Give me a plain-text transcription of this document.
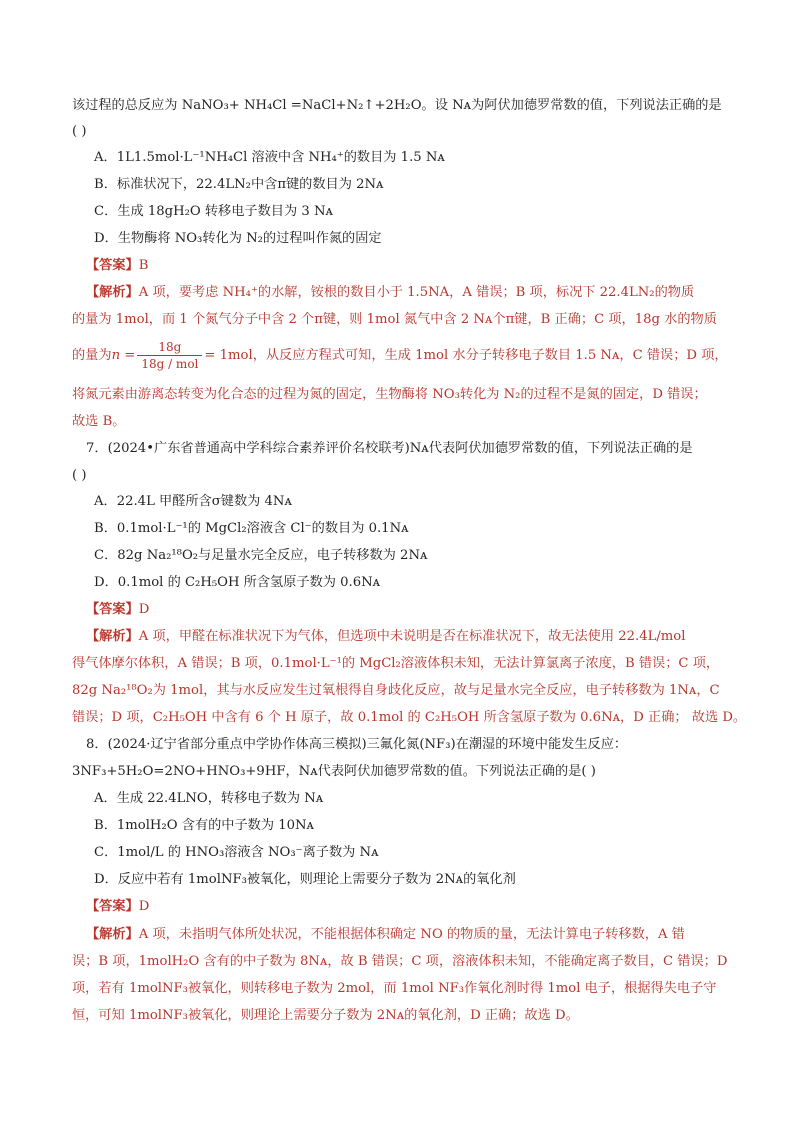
该过程的总反应为 NaNO₃+ NH₄Cl =NaCl+N₂↑+2H₂O。设 Nᴀ为阿伏加德罗常数的值，下列说法正确的是
( )
A．1L1.5mol·L⁻¹NH₄Cl 溶液中含 NH₄⁺的数目为 1.5 Nᴀ
B．标准状况下，22.4LN₂中含π键的数目为 2Nᴀ
C．生成 18gH₂O 转移电子数目为 3 Nᴀ
D．生物酶将 NO₃转化为 N₂的过程叫作氮的固定
【答案】B
【解析】A 项，要考虑 NH₄⁺的水解，铵根的数目小于 1.5NA，A 错误；B 项，标况下 22.4LN₂的物质
的量为 1mol，而 1 个氮气分子中含 2 个π键，则 1mol 氮气中含 2 Nᴀ个π键，B 正确；C 项，18g 水的物质
的量为$n = \frac{18g}{\text{18g / mol}} = 1mol$，从反应方程式可知，生成 1mol 水分子转移电子数目 1.5 Nᴀ，C 错误；D 项，
将氮元素由游离态转变为化合态的过程为氮的固定，生物酶将 NO₃转化为 N₂的过程不是氮的固定，D 错误；
故选 B。
7．(2024•广东省普通高中学科综合素养评价名校联考)Nᴀ代表阿伏加德罗常数的值，下列说法正确的是
( )
A．22.4L 甲醛所含σ键数为 4Nᴀ
B．0.1mol·L⁻¹的 MgCl₂溶液含 Cl⁻的数目为 0.1Nᴀ
C．82g Na₂¹⁸O₂与足量水完全反应，电子转移数为 2Nᴀ
D．0.1mol 的 C₂H₅OH 所含氢原子数为 0.6Nᴀ
【答案】D
【解析】A 项，甲醛在标准状况下为气体，但选项中未说明是否在标准状况下，故无法使用 22.4L/mol
得气体摩尔体积，A 错误；B 项，0.1mol·L⁻¹的 MgCl₂溶液体积未知，无法计算氯离子浓度，B 错误；C 项，
82g Na₂¹⁸O₂为 1mol，其与水反应发生过氧根得自身歧化反应，故与足量水完全反应，电子转移数为 1Nᴀ，C
错误；D 项，C₂H₅OH 中含有 6 个 H 原子，故 0.1mol 的 C₂H₅OH 所含氢原子数为 0.6Nᴀ，D 正确； 故选 D。
8．(2024·辽宁省部分重点中学协作体高三模拟)三氟化氮(NF₃)在潮湿的环境中能发生反应：
3NF₃+5H₂O=2NO+HNO₃+9HF，Nᴀ代表阿伏加德罗常数的值。下列说法正确的是( )
A．生成 22.4LNO，转移电子数为 Nᴀ
B．1molH₂O 含有的中子数为 10Nᴀ
C．1mol/L 的 HNO₃溶液含 NO₃⁻离子数为 Nᴀ
D．反应中若有 1molNF₃被氧化，则理论上需要分子数为 2Nᴀ的氧化剂
【答案】D
【解析】A 项，未指明气体所处状况，不能根据体积确定 NO 的物质的量，无法计算电子转移数，A 错
误；B 项，1molH₂O 含有的中子数为 8Nᴀ，故 B 错误；C 项，溶液体积未知，不能确定离子数目，C 错误；D
项，若有 1molNF₃被氧化，则转移电子数为 2mol，而 1mol NF₃作氧化剂时得 1mol 电子，根据得失电子守
恒，可知 1molNF₃被氧化，则理论上需要分子数为 2Nᴀ的氧化剂，D 正确；故选 D。
